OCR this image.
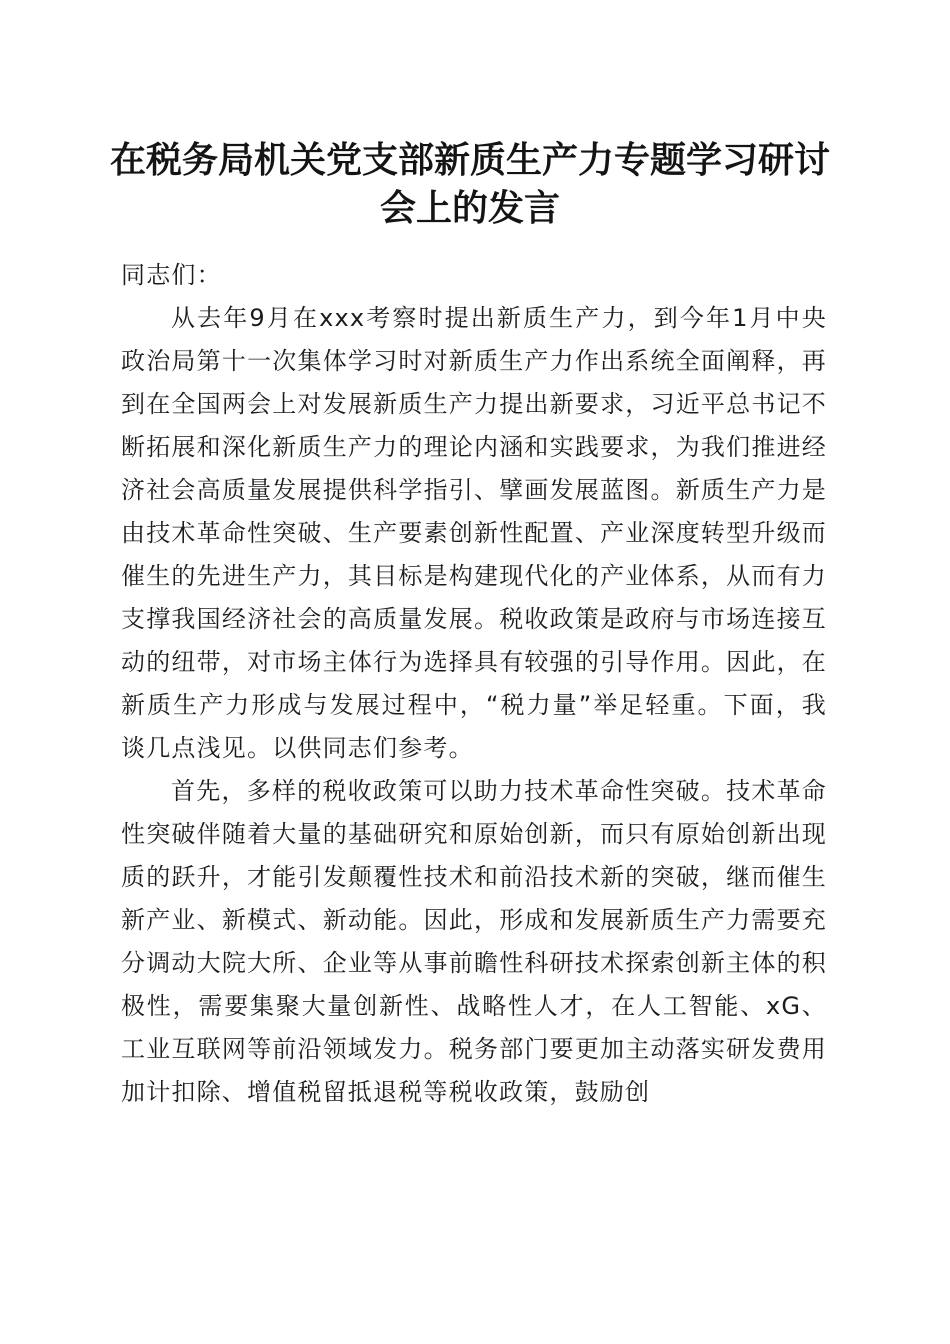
在税务局机关党支部新质生产力专题学习研讨会上的发言

同志们：

从去年9月在xxx考察时提出新质生产力，到今年1月中央政治局第十一次集体学习时对新质生产力作出系统全面阐释，再到在全国两会上对发展新质生产力提出新要求，习近平总书记不断拓展和深化新质生产力的理论内涵和实践要求，为我们推进经济社会高质量发展提供科学指引、擘画发展蓝图。新质生产力是由技术革命性突破、生产要素创新性配置、产业深度转型升级而催生的先进生产力，其目标是构建现代化的产业体系，从而有力支撑我国经济社会的高质量发展。税收政策是政府与市场连接互动的纽带，对市场主体行为选择具有较强的引导作用。因此，在新质生产力形成与发展过程中，“税力量”举足轻重。下面，我谈几点浅见。以供同志们参考。

首先，多样的税收政策可以助力技术革命性突破。技术革命性突破伴随着大量的基础研究和原始创新，而只有原始创新出现质的跃升，才能引发颠覆性技术和前沿技术新的突破，继而催生新产业、新模式、新动能。因此，形成和发展新质生产力需要充分调动大院大所、企业等从事前瞻性科研技术探索创新主体的积极性，需要集聚大量创新性、战略性人才，在人工智能、xG、工业互联网等前沿领域发力。税务部门要更加主动落实研发费用加计扣除、增值税留抵退税等税收政策，鼓励创
